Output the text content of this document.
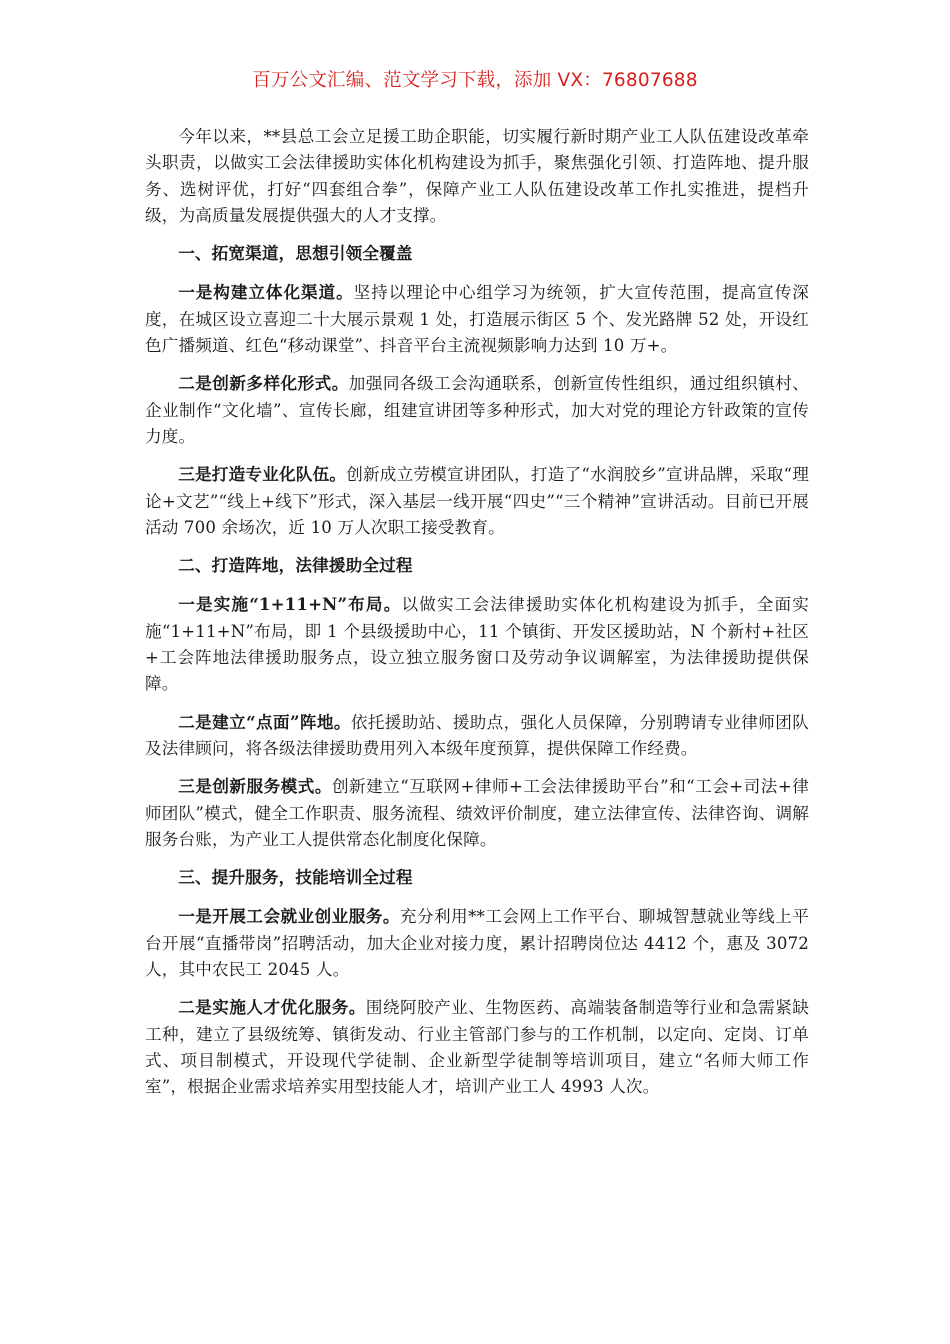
百万公文汇编、范文学习下载，添加 VX：76807688

今年以来，**县总工会立足援工助企职能，切实履行新时期产业工人队伍建设改革牵头职责，以做实工会法律援助实体化机构建设为抓手，聚焦强化引领、打造阵地、提升服务、选树评优，打好“四套组合拳”，保障产业工人队伍建设改革工作扎实推进，提档升级，为高质量发展提供强大的人才支撑。

一、拓宽渠道，思想引领全覆盖

一是构建立体化渠道。坚持以理论中心组学习为统领，扩大宣传范围，提高宣传深度，在城区设立喜迎二十大展示景观 1 处，打造展示街区 5 个、发光路牌 52 处，开设红色广播频道、红色“移动课堂”、抖音平台主流视频影响力达到 10 万+。

二是创新多样化形式。加强同各级工会沟通联系，创新宣传性组织，通过组织镇村、企业制作“文化墙”、宣传长廊，组建宣讲团等多种形式，加大对党的理论方针政策的宣传力度。

三是打造专业化队伍。创新成立劳模宣讲团队，打造了“水润胶乡”宣讲品牌，采取“理论+文艺”“线上+线下”形式，深入基层一线开展“四史”“三个精神”宣讲活动。目前已开展活动 700 余场次，近 10 万人次职工接受教育。

二、打造阵地，法律援助全过程

一是实施“1+11+N”布局。以做实工会法律援助实体化机构建设为抓手，全面实施“1+11+N”布局，即 1 个县级援助中心，11 个镇街、开发区援助站，N 个新村+社区+工会阵地法律援助服务点，设立独立服务窗口及劳动争议调解室，为法律援助提供保障。

二是建立“点面”阵地。依托援助站、援助点，强化人员保障，分别聘请专业律师团队及法律顾问，将各级法律援助费用列入本级年度预算，提供保障工作经费。

三是创新服务模式。创新建立“互联网+律师+工会法律援助平台”和“工会+司法+律师团队”模式，健全工作职责、服务流程、绩效评价制度，建立法律宣传、法律咨询、调解服务台账，为产业工人提供常态化制度化保障。

三、提升服务，技能培训全过程

一是开展工会就业创业服务。充分利用**工会网上工作平台、聊城智慧就业等线上平台开展“直播带岗”招聘活动，加大企业对接力度，累计招聘岗位达 4412 个，惠及 3072 人，其中农民工 2045 人。

二是实施人才优化服务。围绕阿胶产业、生物医药、高端装备制造等行业和急需紧缺工种，建立了县级统筹、镇街发动、行业主管部门参与的工作机制，以定向、定岗、订单式、项目制模式，开设现代学徒制、企业新型学徒制等培训项目，建立“名师大师工作室”，根据企业需求培养实用型技能人才，培训产业工人 4993 人次。
